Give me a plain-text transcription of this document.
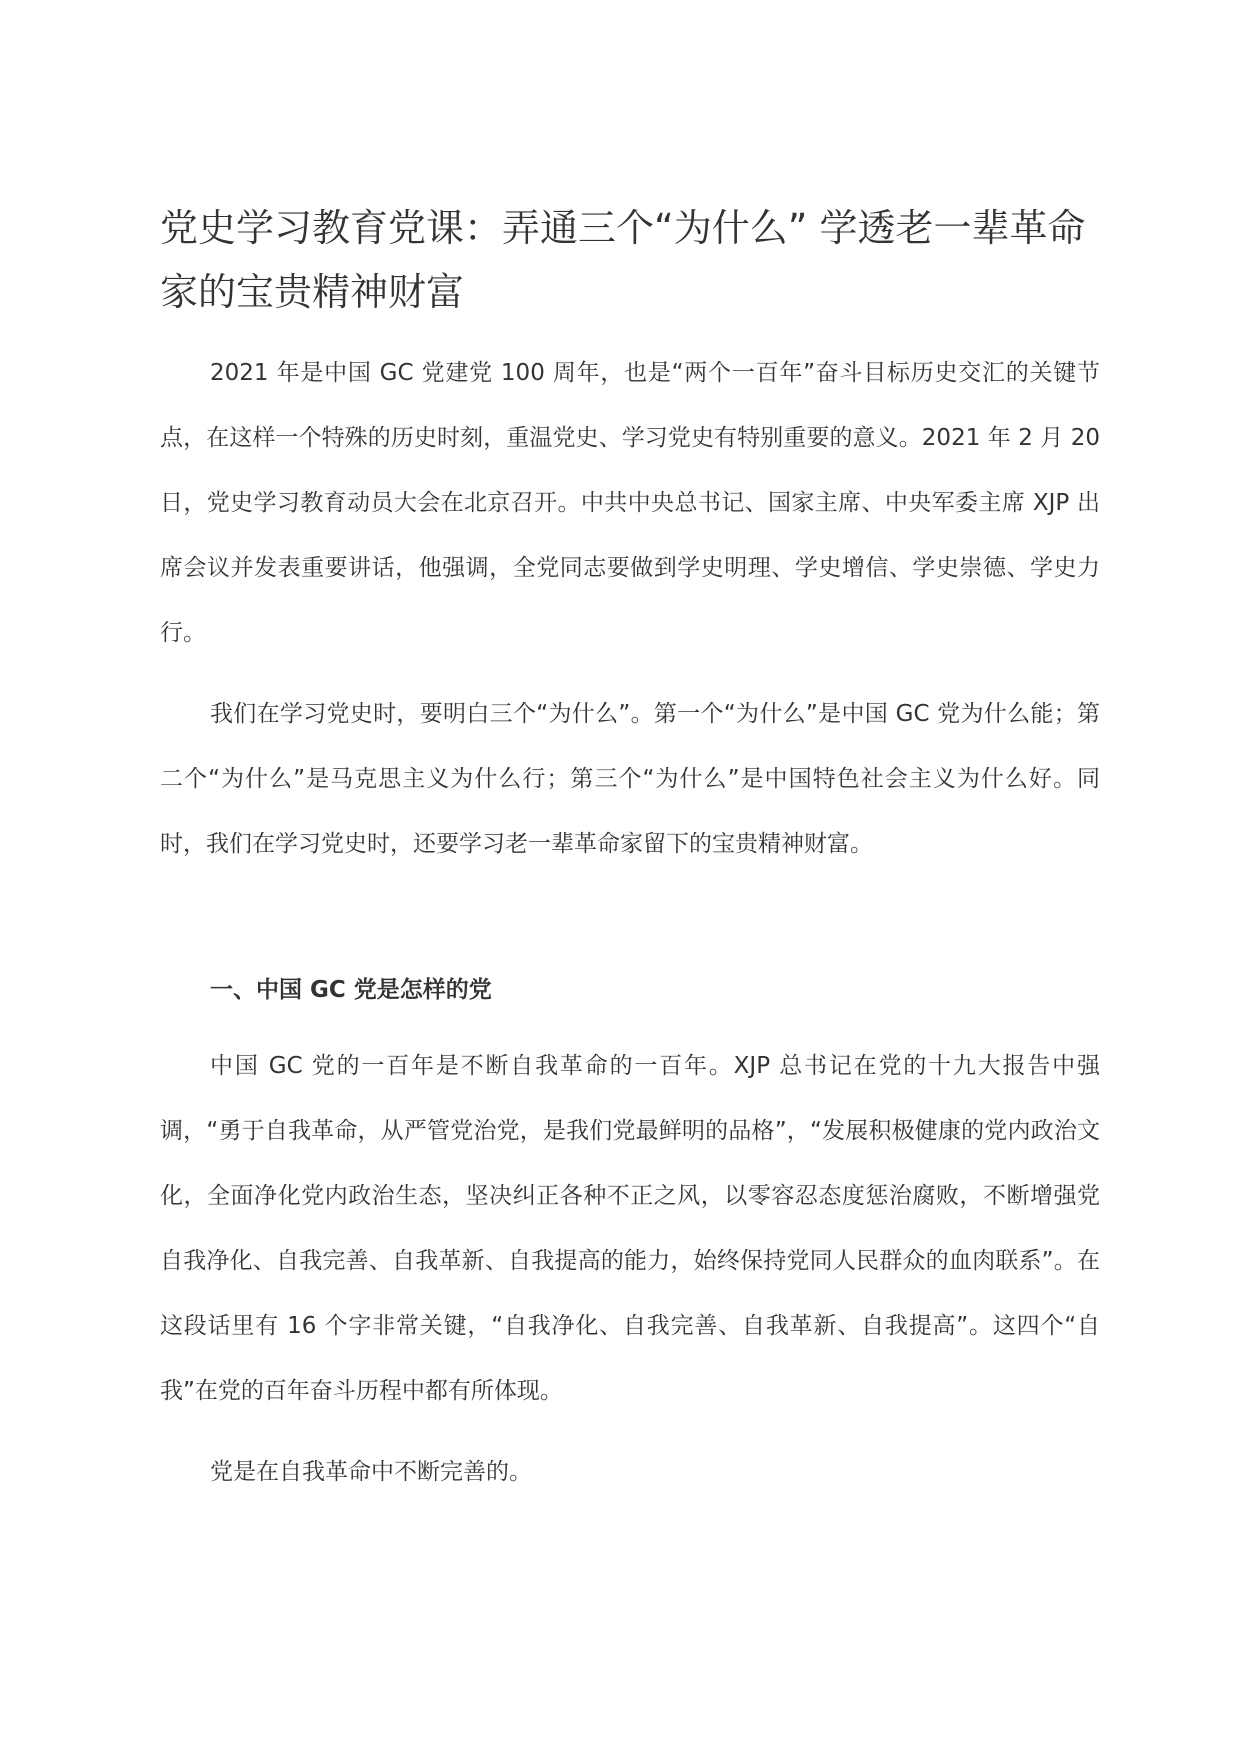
党史学习教育党课：弄通三个“为什么” 学透老一辈革命家的宝贵精神财富

2021 年是中国 GC 党建党 100 周年，也是“两个一百年”奋斗目标历史交汇的关键节点，在这样一个特殊的历史时刻，重温党史、学习党史有特别重要的意义。2021 年 2 月 20 日，党史学习教育动员大会在北京召开。中共中央总书记、国家主席、中央军委主席 XJP 出席会议并发表重要讲话，他强调，全党同志要做到学史明理、学史增信、学史崇德、学史力行。

我们在学习党史时，要明白三个“为什么”。第一个“为什么”是中国 GC 党为什么能；第二个“为什么”是马克思主义为什么行；第三个“为什么”是中国特色社会主义为什么好。同时，我们在学习党史时，还要学习老一辈革命家留下的宝贵精神财富。

一、中国 GC 党是怎样的党

中国 GC 党的一百年是不断自我革命的一百年。XJP 总书记在党的十九大报告中强调，“勇于自我革命，从严管党治党，是我们党最鲜明的品格”，“发展积极健康的党内政治文化，全面净化党内政治生态，坚决纠正各种不正之风，以零容忍态度惩治腐败，不断增强党自我净化、自我完善、自我革新、自我提高的能力，始终保持党同人民群众的血肉联系”。在这段话里有 16 个字非常关键，“自我净化、自我完善、自我革新、自我提高”。这四个“自我”在党的百年奋斗历程中都有所体现。

党是在自我革命中不断完善的。
